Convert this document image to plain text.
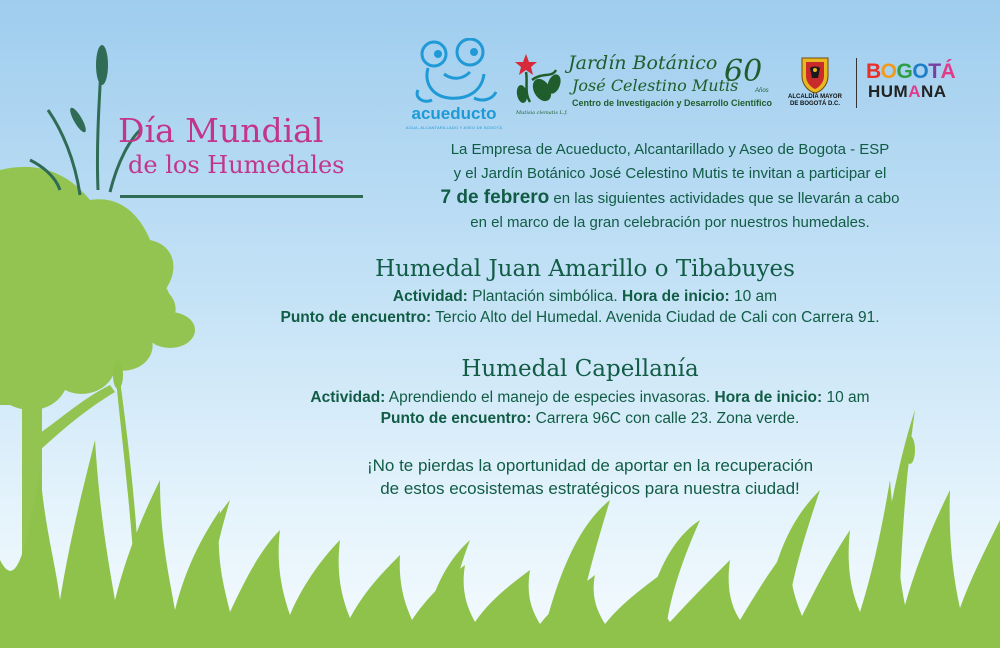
Día Mundial
de los Humedales
acueducto
AGUA, ALCANTARILLADO Y ASEO DE BOGOTÁ
Jardín Botánico
José Celestino Mutis
Centro de Investigación y Desarrollo Científico
Mutisia clematis L.f.
60
Años
ALCALDÍA MAYOR
DE BOGOTÁ D.C.
BOGOTÁ
HUMANA
La Empresa de Acueducto, Alcantarillado y Aseo de Bogota - ESP
y el Jardín Botánico José Celestino Mutis te invitan a participar el
7 de febrero en las siguientes actividades que se llevarán a cabo
en el marco de la gran celebración por nuestros humedales.
Humedal Juan Amarillo o Tibabuyes
Actividad: Plantación simbólica. Hora de inicio: 10 am
Punto de encuentro: Tercio Alto del Humedal. Avenida Ciudad de Cali con Carrera 91.
Humedal Capellanía
Actividad: Aprendiendo el manejo de especies invasoras. Hora de inicio: 10 am
Punto de encuentro: Carrera 96C con calle 23. Zona verde.
¡No te pierdas la oportunidad de aportar en la recuperación
de estos ecosistemas estratégicos para nuestra ciudad!
